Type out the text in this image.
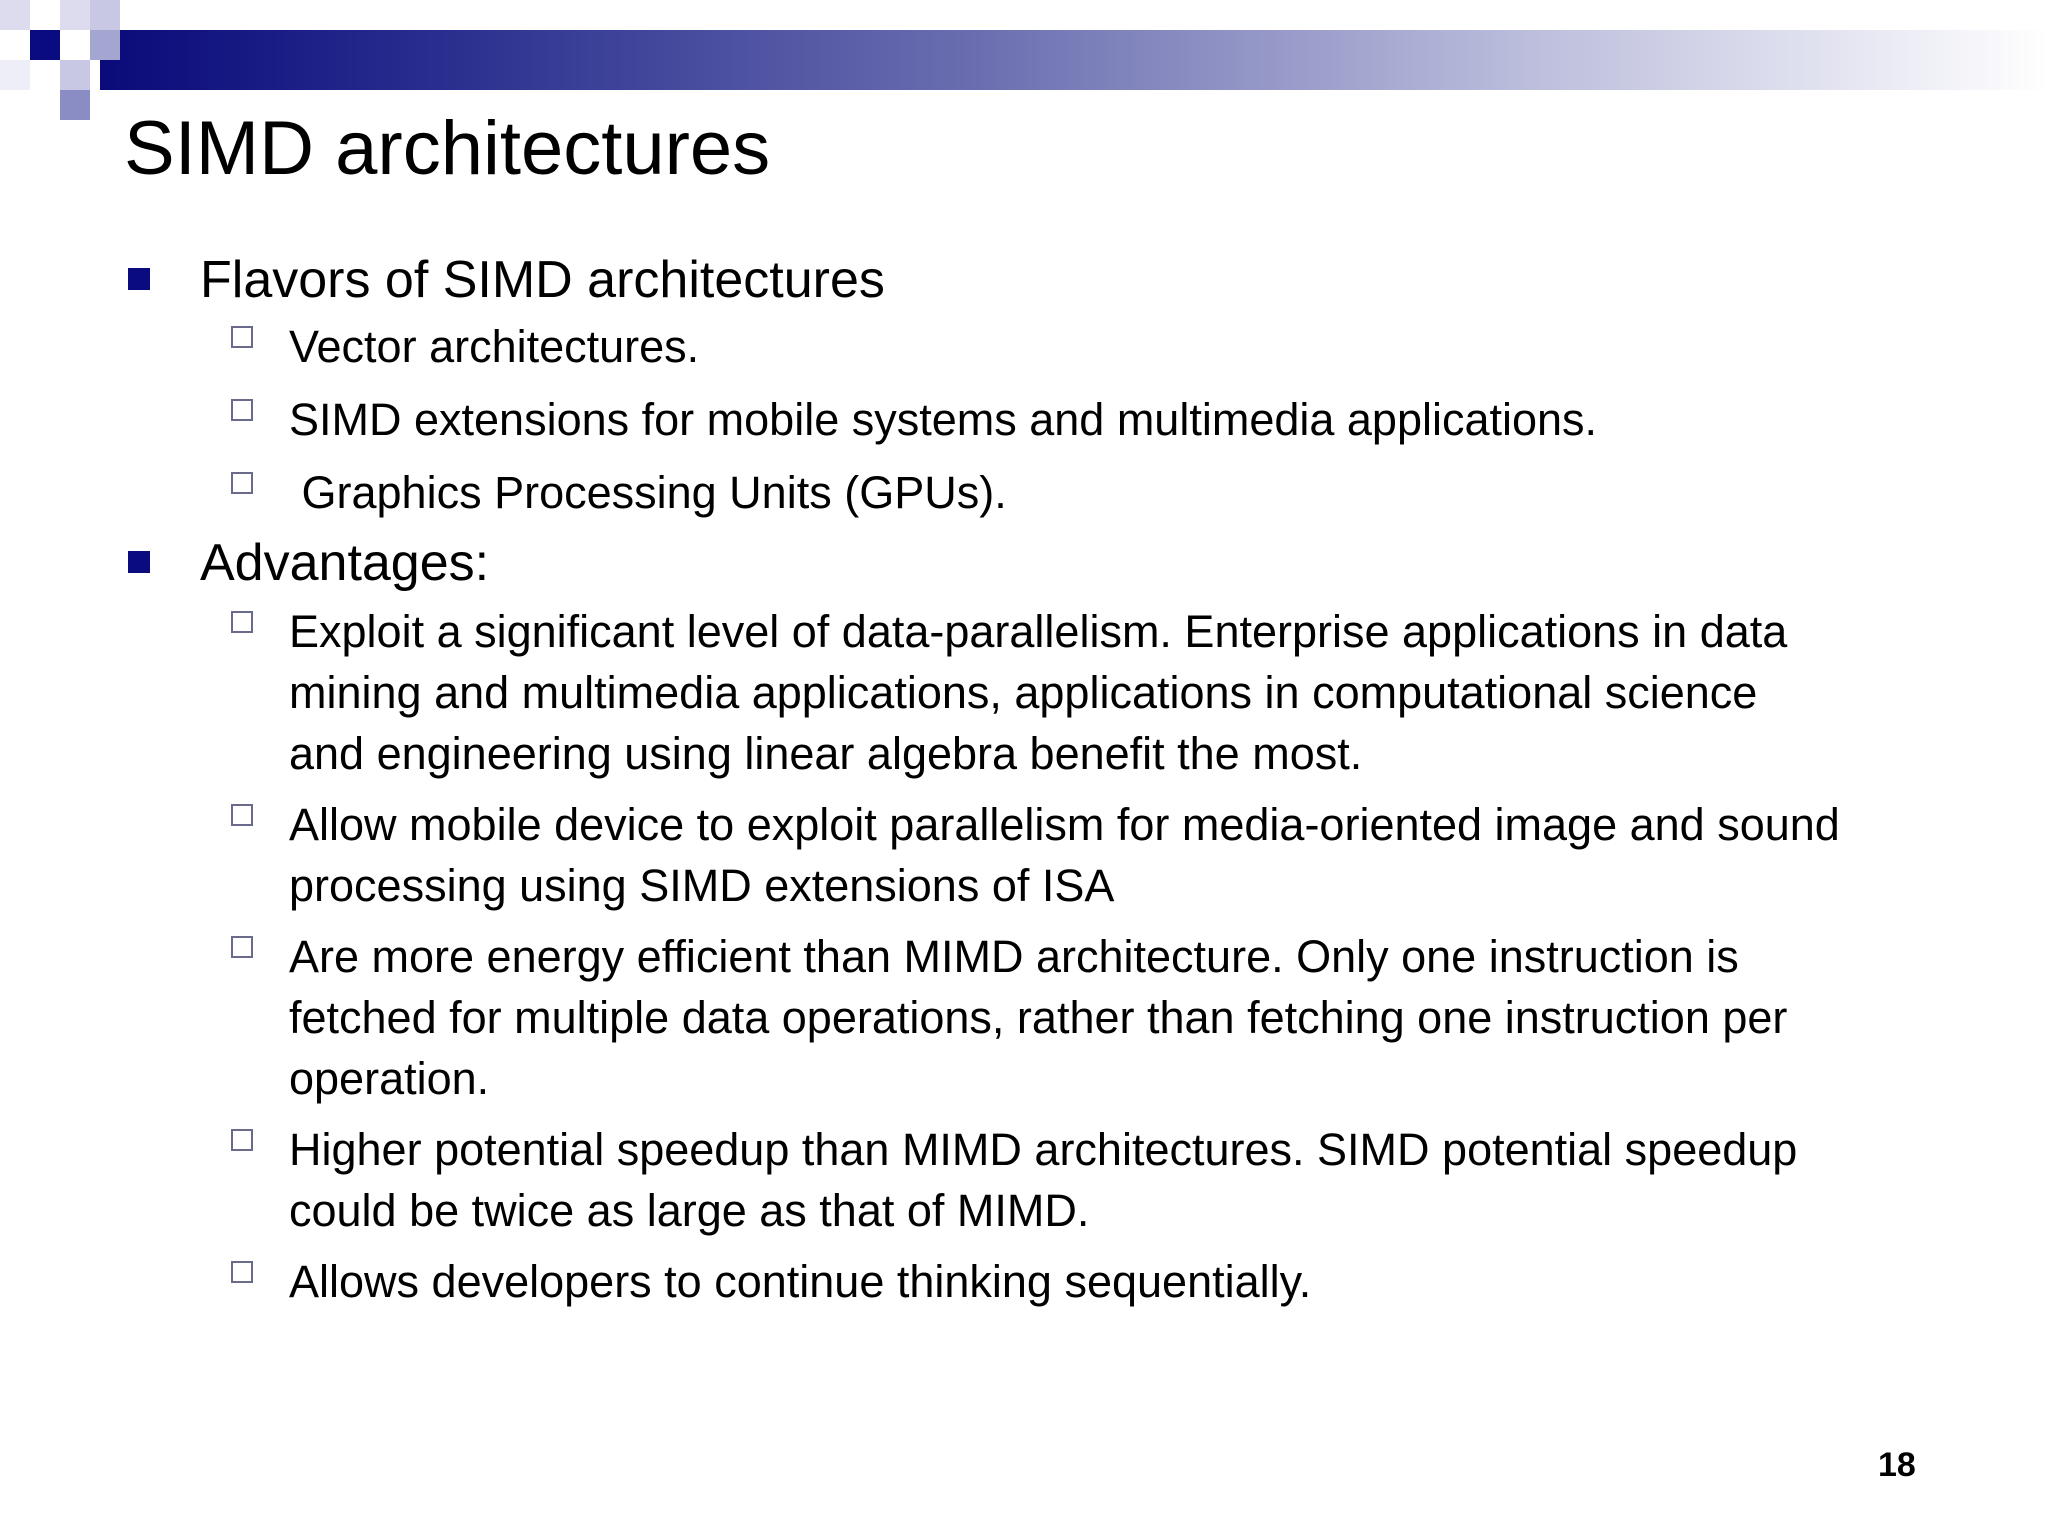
SIMD architectures
Flavors of SIMD architectures
Vector architectures.
SIMD extensions for mobile systems and multimedia applications.
Graphics Processing Units (GPUs).
Advantages:
Exploit a significant level of data-parallelism. Enterprise applications in data mining and multimedia applications, applications in computational science and engineering using linear algebra benefit the most.
Allow mobile device to exploit parallelism for media-oriented image and sound processing using SIMD extensions of ISA
Are more energy efficient than MIMD architecture. Only one instruction is fetched for multiple data operations, rather than fetching one instruction per operation.
Higher potential speedup than MIMD architectures. SIMD potential speedup could be twice as large as that of MIMD.
Allows developers to continue thinking sequentially.
18
